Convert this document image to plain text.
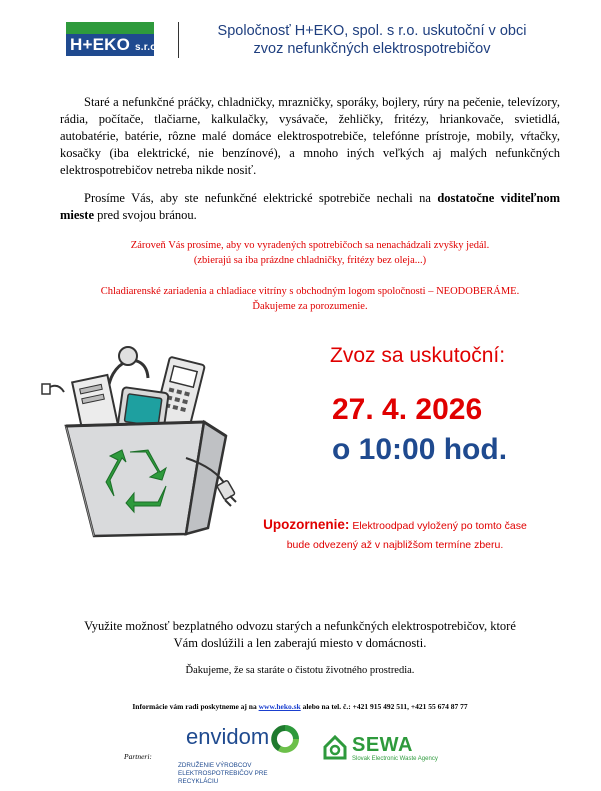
H+EKO s.r.o.
Spoločnosť H+EKO, spol. s r.o. uskutoční v obci
zvoz nefunkčných elektrospotrebičov
Staré a nefunkčné práčky, chladničky, mrazničky, sporáky, bojlery, rúry na pečenie, televízory, rádia, počítače, tlačiarne, kalkulačky, vysávače, žehličky, fritézy, hriankovače, svietidlá, autobatérie, batérie, rôzne malé domáce elektrospotrebiče, telefónne prístroje, mobily, vŕtačky, kosačky (iba elektrické, nie benzínové), a mnoho iných veľkých aj malých nefunkčných elektrospotrebičov netreba nikde nosiť.
Prosíme Vás, aby ste nefunkčné elektrické spotrebiče nechali na dostatočne viditeľnom mieste pred svojou bránou.
Zároveň Vás prosíme, aby vo vyradených spotrebičoch sa nenachádzali zvyšky jedál.
(zbierajú sa iba prázdne chladničky, fritézy bez oleja...)
Chladiarenské zariadenia a chladiace vitríny s obchodným logom spoločnosti – NEODOBERÁME.
Ďakujeme za porozumenie.
Zvoz sa uskutoční:
27. 4. 2026
o 10:00 hod.
Upozornenie: Elektroodpad vyložený po tomto čase
bude odvezený až v najbližšom termíne zberu.
Využite možnosť bezplatného odvozu starých a nefunkčných elektrospotrebičov, ktoré
Vám doslúžili a len zaberajú miesto v domácnosti.
Ďakujeme, že sa staráte o čistotu životného prostredia.
Informácie vám radi poskytneme aj na www.heko.sk alebo na tel. č.: +421 915 492 511, +421 55 674 87 77
Partneri:
envidom
ZDRUŽENIE VÝROBCOV
ELEKTROSPOTREBIČOV PRE RECYKLÁCIU
SEWA
Slovak Electronic Waste Agency
